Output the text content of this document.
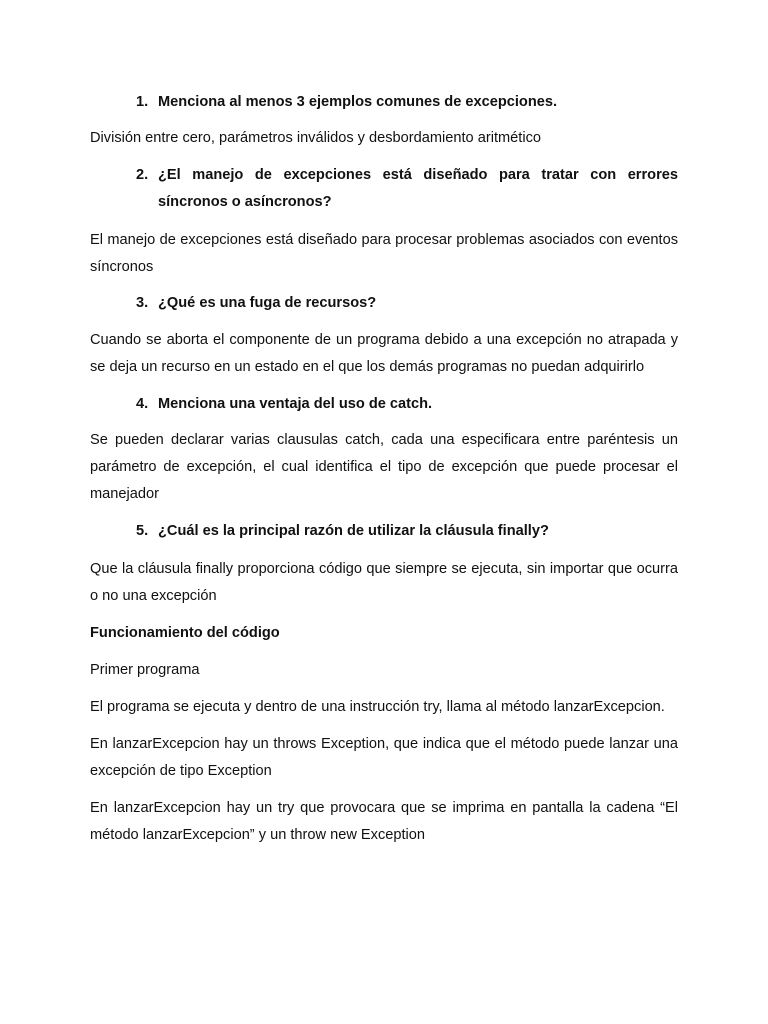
1. Menciona al menos 3 ejemplos comunes de excepciones.
División entre cero, parámetros inválidos y desbordamiento aritmético
2. ¿El manejo de excepciones está diseñado para tratar con errores síncronos o asíncronos?
El manejo de excepciones está diseñado para procesar problemas asociados con eventos síncronos
3. ¿Qué es una fuga de recursos?
Cuando se aborta el componente de un programa debido a una excepción no atrapada y se deja un recurso en un estado en el que los demás programas no puedan adquirirlo
4. Menciona una ventaja del uso de catch.
Se pueden declarar varias clausulas catch, cada una especificara entre paréntesis un parámetro de excepción, el cual identifica el tipo de excepción que puede procesar el manejador
5. ¿Cuál es la principal razón de utilizar la cláusula finally?
Que la cláusula finally proporciona código que siempre se ejecuta, sin importar que ocurra o no una excepción
Funcionamiento del código
Primer programa
El programa se ejecuta y dentro de una instrucción try, llama al método lanzarExcepcion.
En lanzarExcepcion hay un throws Exception, que indica que el método puede lanzar una excepción de tipo Exception
En lanzarExcepcion hay un try que provocara que se imprima en pantalla la cadena “El método lanzarExcepcion” y un throw new Exception
